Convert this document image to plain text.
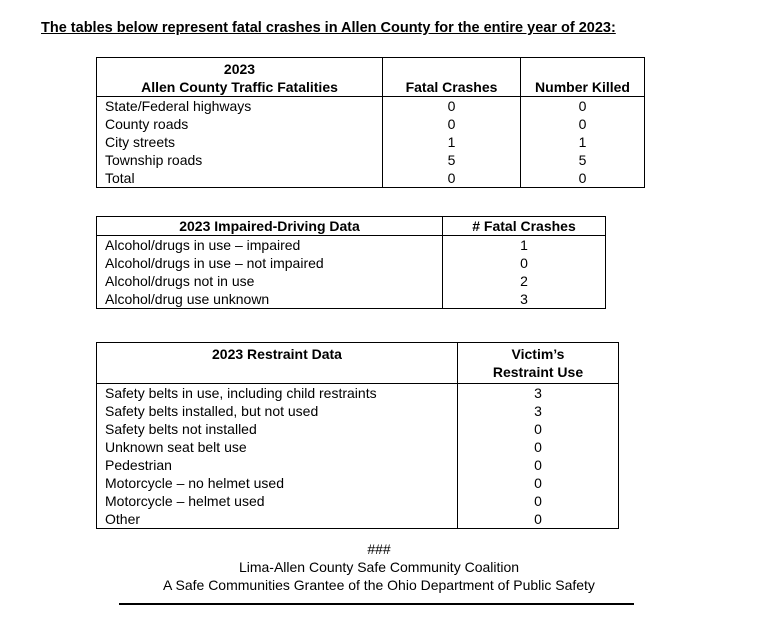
The tables below represent fatal crashes in Allen County for the entire year of 2023:
2023
Allen County Traffic Fatalities	Fatal Crashes	Number Killed
State/Federal highways	0	0
County roads	0	0
City streets	1	1
Township roads	5	5
Total	0	0
2023 Impaired-Driving Data	# Fatal Crashes
Alcohol/drugs in use – impaired	1
Alcohol/drugs in use – not impaired	0
Alcohol/drugs not in use	2
Alcohol/drug use unknown	3
2023 Restraint Data	Victim’s
Restraint Use

Safety belts in use, including child restraints	3
Safety belts installed, but not used	3
Safety belts not installed	0
Unknown seat belt use	0
Pedestrian	0
Motorcycle – no helmet used	0
Motorcycle – helmet used	0
Other	0
###
Lima-Allen County Safe Community Coalition
A Safe Communities Grantee of the Ohio Department of Public Safety
